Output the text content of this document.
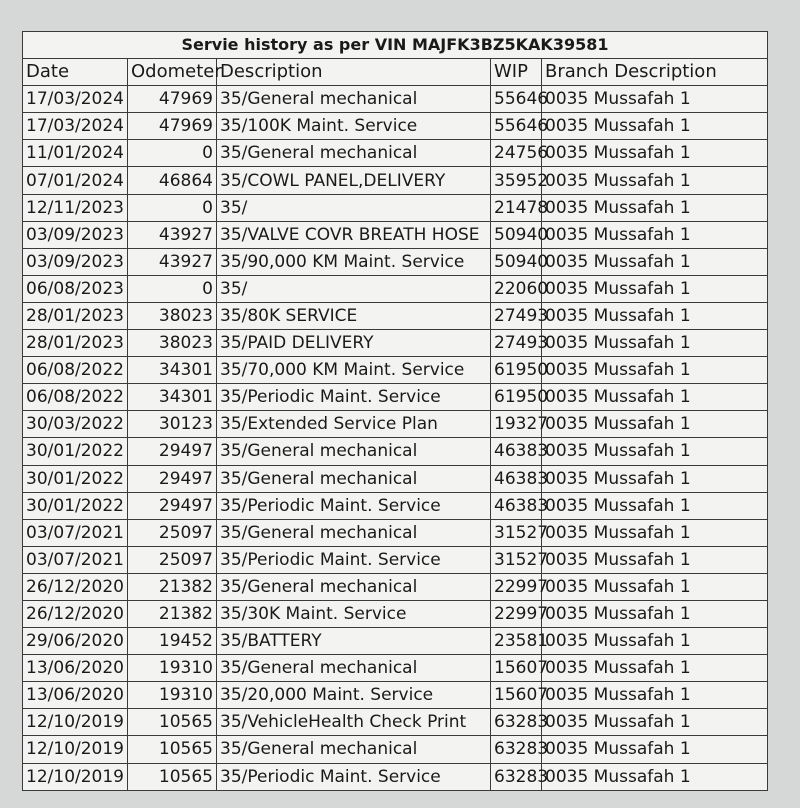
Servie history as per VIN MAJFK3BZ5KAK39581				
Date	Odometer	Description	WIP	Branch Description
17/03/2024	47969	35/General mechanical	55646	0035 Mussafah 1
17/03/2024	47969	35/100K Maint. Service	55646	0035 Mussafah 1
11/01/2024	0	35/General mechanical	24756	0035 Mussafah 1
07/01/2024	46864	35/COWL PANEL,DELIVERY	35952	0035 Mussafah 1
12/11/2023	0	35/	21478	0035 Mussafah 1
03/09/2023	43927	35/VALVE COVR BREATH HOSE	50940	0035 Mussafah 1
03/09/2023	43927	35/90,000 KM Maint. Service	50940	0035 Mussafah 1
06/08/2023	0	35/	22060	0035 Mussafah 1
28/01/2023	38023	35/80K SERVICE	27493	0035 Mussafah 1
28/01/2023	38023	35/PAID DELIVERY	27493	0035 Mussafah 1
06/08/2022	34301	35/70,000 KM Maint. Service	61950	0035 Mussafah 1
06/08/2022	34301	35/Periodic Maint. Service	61950	0035 Mussafah 1
30/03/2022	30123	35/Extended Service Plan	19327	0035 Mussafah 1
30/01/2022	29497	35/General mechanical	46383	0035 Mussafah 1
30/01/2022	29497	35/General mechanical	46383	0035 Mussafah 1
30/01/2022	29497	35/Periodic Maint. Service	46383	0035 Mussafah 1
03/07/2021	25097	35/General mechanical	31527	0035 Mussafah 1
03/07/2021	25097	35/Periodic Maint. Service	31527	0035 Mussafah 1
26/12/2020	21382	35/General mechanical	22997	0035 Mussafah 1
26/12/2020	21382	35/30K Maint. Service	22997	0035 Mussafah 1
29/06/2020	19452	35/BATTERY	23581	0035 Mussafah 1
13/06/2020	19310	35/General mechanical	15607	0035 Mussafah 1
13/06/2020	19310	35/20,000 Maint. Service	15607	0035 Mussafah 1
12/10/2019	10565	35/VehicleHealth Check Print	63283	0035 Mussafah 1
12/10/2019	10565	35/General mechanical	63283	0035 Mussafah 1
12/10/2019	10565	35/Periodic Maint. Service	63283	0035 Mussafah 1
